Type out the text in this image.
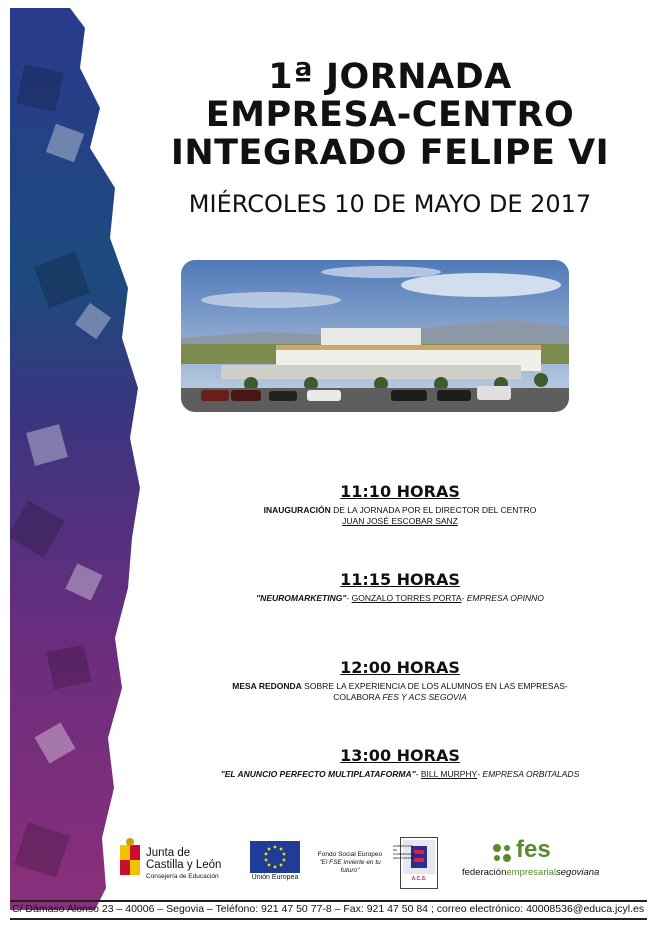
1ª JORNADA
EMPRESA-CENTRO
INTEGRADO FELIPE VI
MIÉRCOLES 10 DE MAYO DE 2017
11:10 HORAS
INAUGURACIÓN DE LA JORNADA POR EL DIRECTOR DEL CENTRO
JUAN JOSÉ ESCOBAR SANZ
11:15 HORAS
"NEUROMARKETING"- GONZALO TORRES PORTA- EMPRESA OPINNO
12:00 HORAS
MESA REDONDA SOBRE LA EXPERIENCIA DE LOS ALUMNOS EN LAS EMPRESAS-
COLABORA FES Y ACS SEGOVIA
13:00 HORAS
"EL ANUNCIO PERFECTO MULTIPLATAFORMA"- BILL MURPHY- EMPRESA ORBITALADS
Junta de
Castilla y León
Consejería de Educación	Unión Europea
Fondo Social Europeo
"El FSE invierte en tu futuro"
A.C.S.
AGRUPACIÓN DE COMERCIANTES SEGOVIANOS	fes
federaciónempresarialsegoviana
C/ Dámaso Alonso 23 – 40006 – Segovia – Teléfono: 921 47 50 77-8 – Fax: 921 47 50 84 ; correo electrónico: 40008536@educa.jcyl.es
